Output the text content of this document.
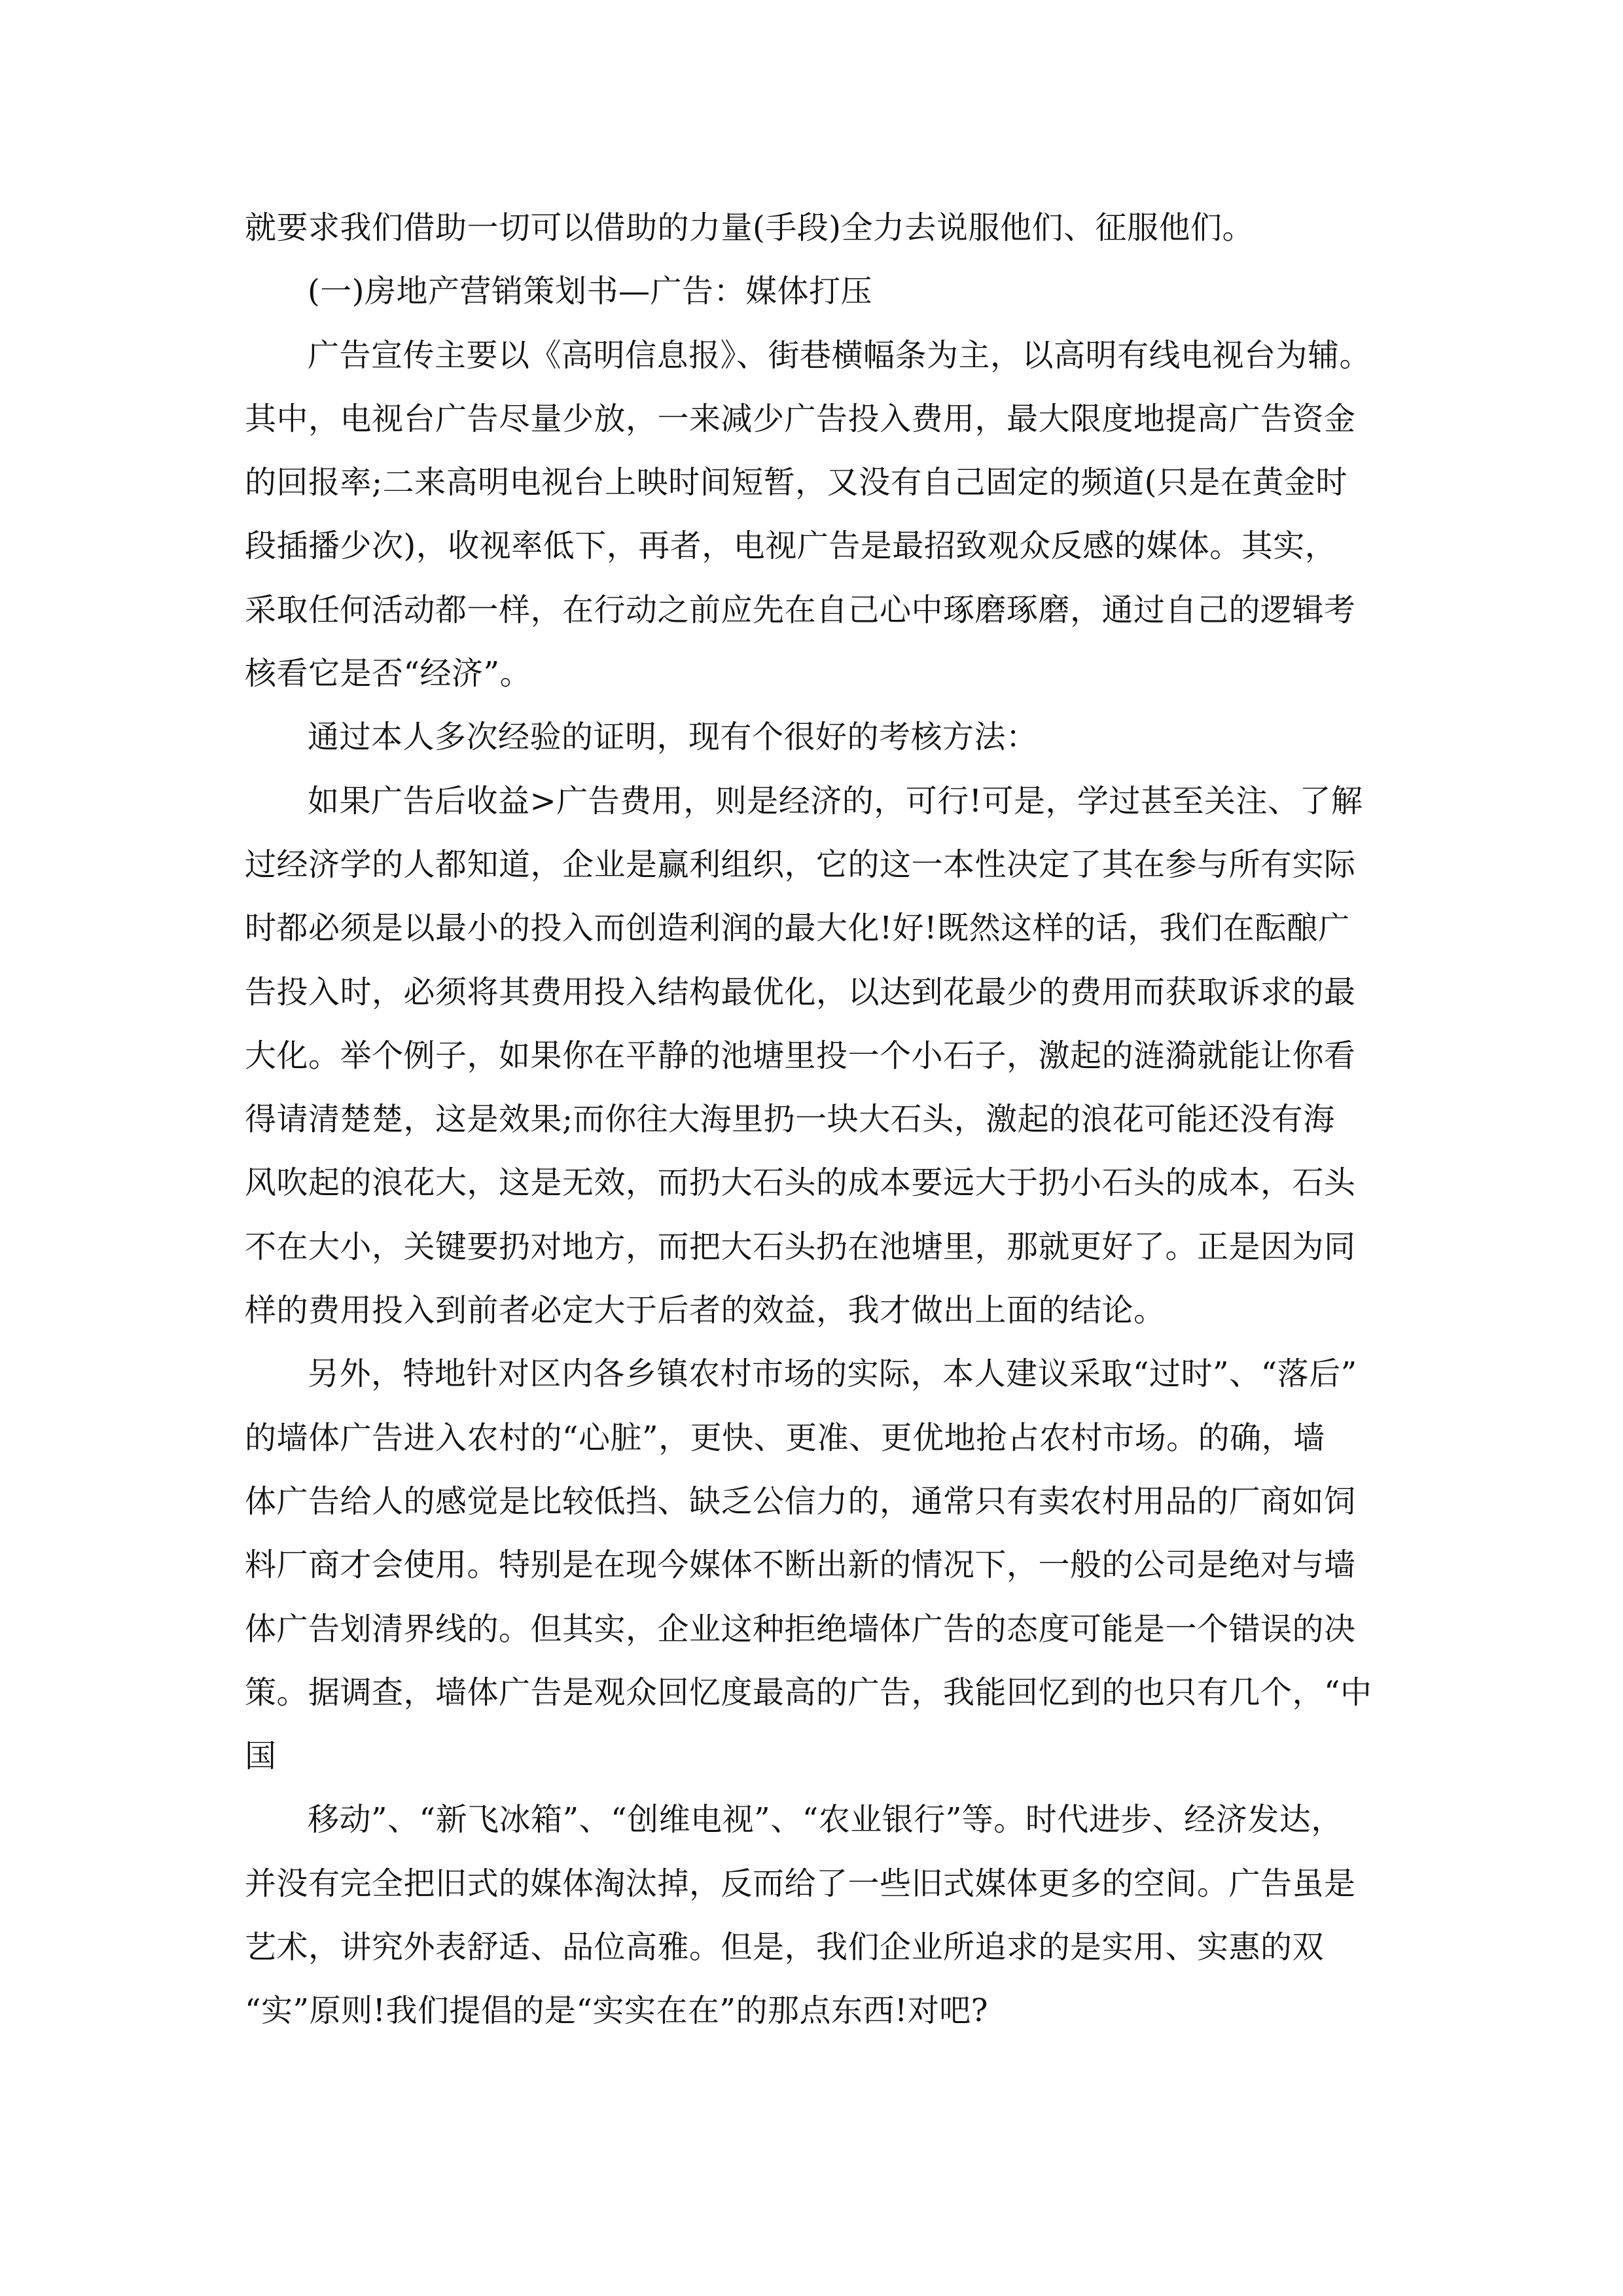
就要求我们借助一切可以借助的力量(手段)全力去说服他们、征服他们。
(一)房地产营销策划书—广告：媒体打压
广告宣传主要以《高明信息报》、街巷横幅条为主，以高明有线电视台为辅。
其中，电视台广告尽量少放，一来减少广告投入费用，最大限度地提高广告资金
的回报率;二来高明电视台上映时间短暂，又没有自己固定的频道(只是在黄金时
段插播少次)，收视率低下，再者，电视广告是最招致观众反感的媒体。其实，
采取任何活动都一样，在行动之前应先在自己心中琢磨琢磨，通过自己的逻辑考
核看它是否“经济”。
通过本人多次经验的证明，现有个很好的考核方法：
如果广告后收益>广告费用，则是经济的，可行!可是，学过甚至关注、了解
过经济学的人都知道，企业是赢利组织，它的这一本性决定了其在参与所有实际
时都必须是以最小的投入而创造利润的最大化!好!既然这样的话，我们在酝酿广
告投入时，必须将其费用投入结构最优化，以达到花最少的费用而获取诉求的最
大化。举个例子，如果你在平静的池塘里投一个小石子，激起的涟漪就能让你看
得请清楚楚，这是效果;而你往大海里扔一块大石头，激起的浪花可能还没有海
风吹起的浪花大，这是无效，而扔大石头的成本要远大于扔小石头的成本，石头
不在大小，关键要扔对地方，而把大石头扔在池塘里，那就更好了。正是因为同
样的费用投入到前者必定大于后者的效益，我才做出上面的结论。
另外，特地针对区内各乡镇农村市场的实际，本人建议采取“过时”、“落后”
的墙体广告进入农村的“心脏”，更快、更准、更优地抢占农村市场。的确，墙
体广告给人的感觉是比较低挡、缺乏公信力的，通常只有卖农村用品的厂商如饲
料厂商才会使用。特别是在现今媒体不断出新的情况下，一般的公司是绝对与墙
体广告划清界线的。但其实，企业这种拒绝墙体广告的态度可能是一个错误的决
策。据调查，墙体广告是观众回忆度最高的广告，我能回忆到的也只有几个，“中
国
移动”、“新飞冰箱”、“创维电视”、“农业银行”等。时代进步、经济发达，
并没有完全把旧式的媒体淘汰掉，反而给了一些旧式媒体更多的空间。广告虽是
艺术，讲究外表舒适、品位高雅。但是，我们企业所追求的是实用、实惠的双
“实”原则!我们提倡的是“实实在在”的那点东西!对吧?
